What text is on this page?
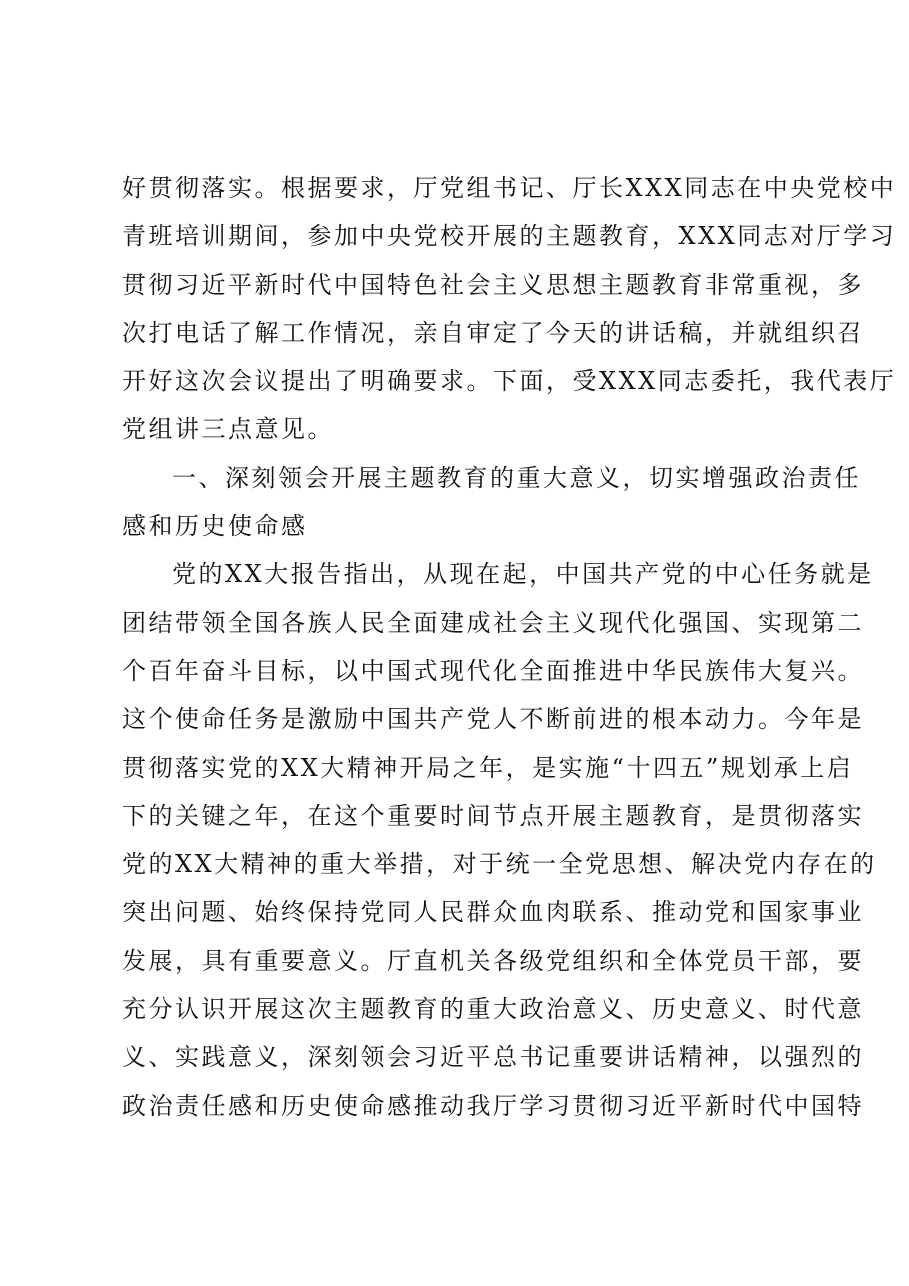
好贯彻落实。根据要求，厅党组书记、厅长XXX同志在中央党校中
青班培训期间，参加中央党校开展的主题教育，XXX同志对厅学习
贯彻习近平新时代中国特色社会主义思想主题教育非常重视，多
次打电话了解工作情况，亲自审定了今天的讲话稿，并就组织召
开好这次会议提出了明确要求。下面，受XXX同志委托，我代表厅
党组讲三点意见。
一、深刻领会开展主题教育的重大意义，切实增强政治责任
感和历史使命感
党的XX大报告指出，从现在起，中国共产党的中心任务就是
团结带领全国各族人民全面建成社会主义现代化强国、实现第二
个百年奋斗目标，以中国式现代化全面推进中华民族伟大复兴。
这个使命任务是激励中国共产党人不断前进的根本动力。今年是
贯彻落实党的XX大精神开局之年，是实施“十四五”规划承上启
下的关键之年，在这个重要时间节点开展主题教育，是贯彻落实
党的XX大精神的重大举措，对于统一全党思想、解决党内存在的
突出问题、始终保持党同人民群众血肉联系、推动党和国家事业
发展，具有重要意义。厅直机关各级党组织和全体党员干部，要
充分认识开展这次主题教育的重大政治意义、历史意义、时代意
义、实践意义，深刻领会习近平总书记重要讲话精神，以强烈的
政治责任感和历史使命感推动我厅学习贯彻习近平新时代中国特
